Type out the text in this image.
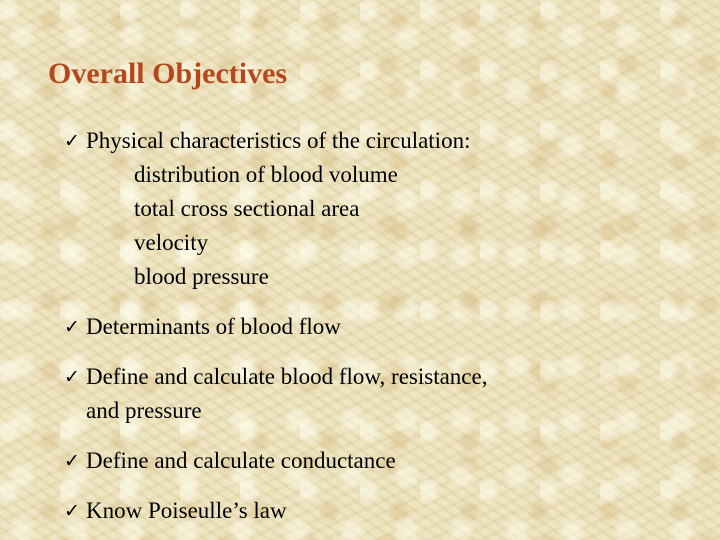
Overall Objectives
✓ Physical characteristics of the circulation:
distribution of blood volume
total cross sectional area
velocity
blood pressure
✓ Determinants of blood flow
✓ Define and calculate blood flow, resistance,
and pressure
✓ Define and calculate conductance
✓ Know Poiseulle’s law
